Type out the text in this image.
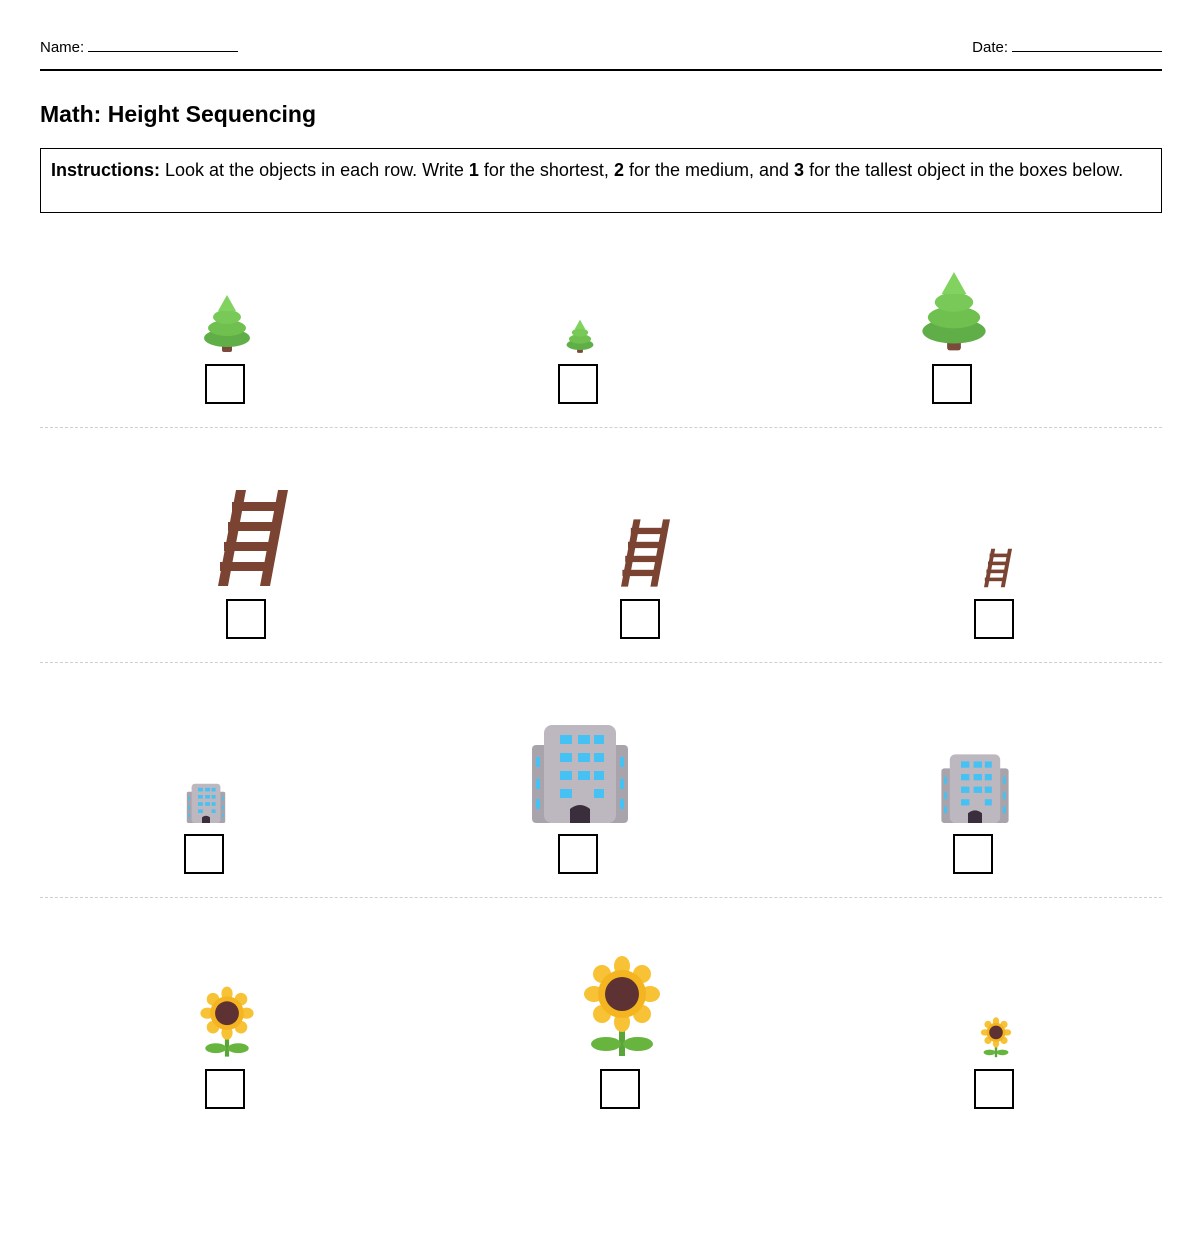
Name:	Date:
Math: Height Sequencing
Instructions: Look at the objects in each row. Write 1 for the shortest, 2 for the medium, and 3 for the tallest object in the boxes below.
